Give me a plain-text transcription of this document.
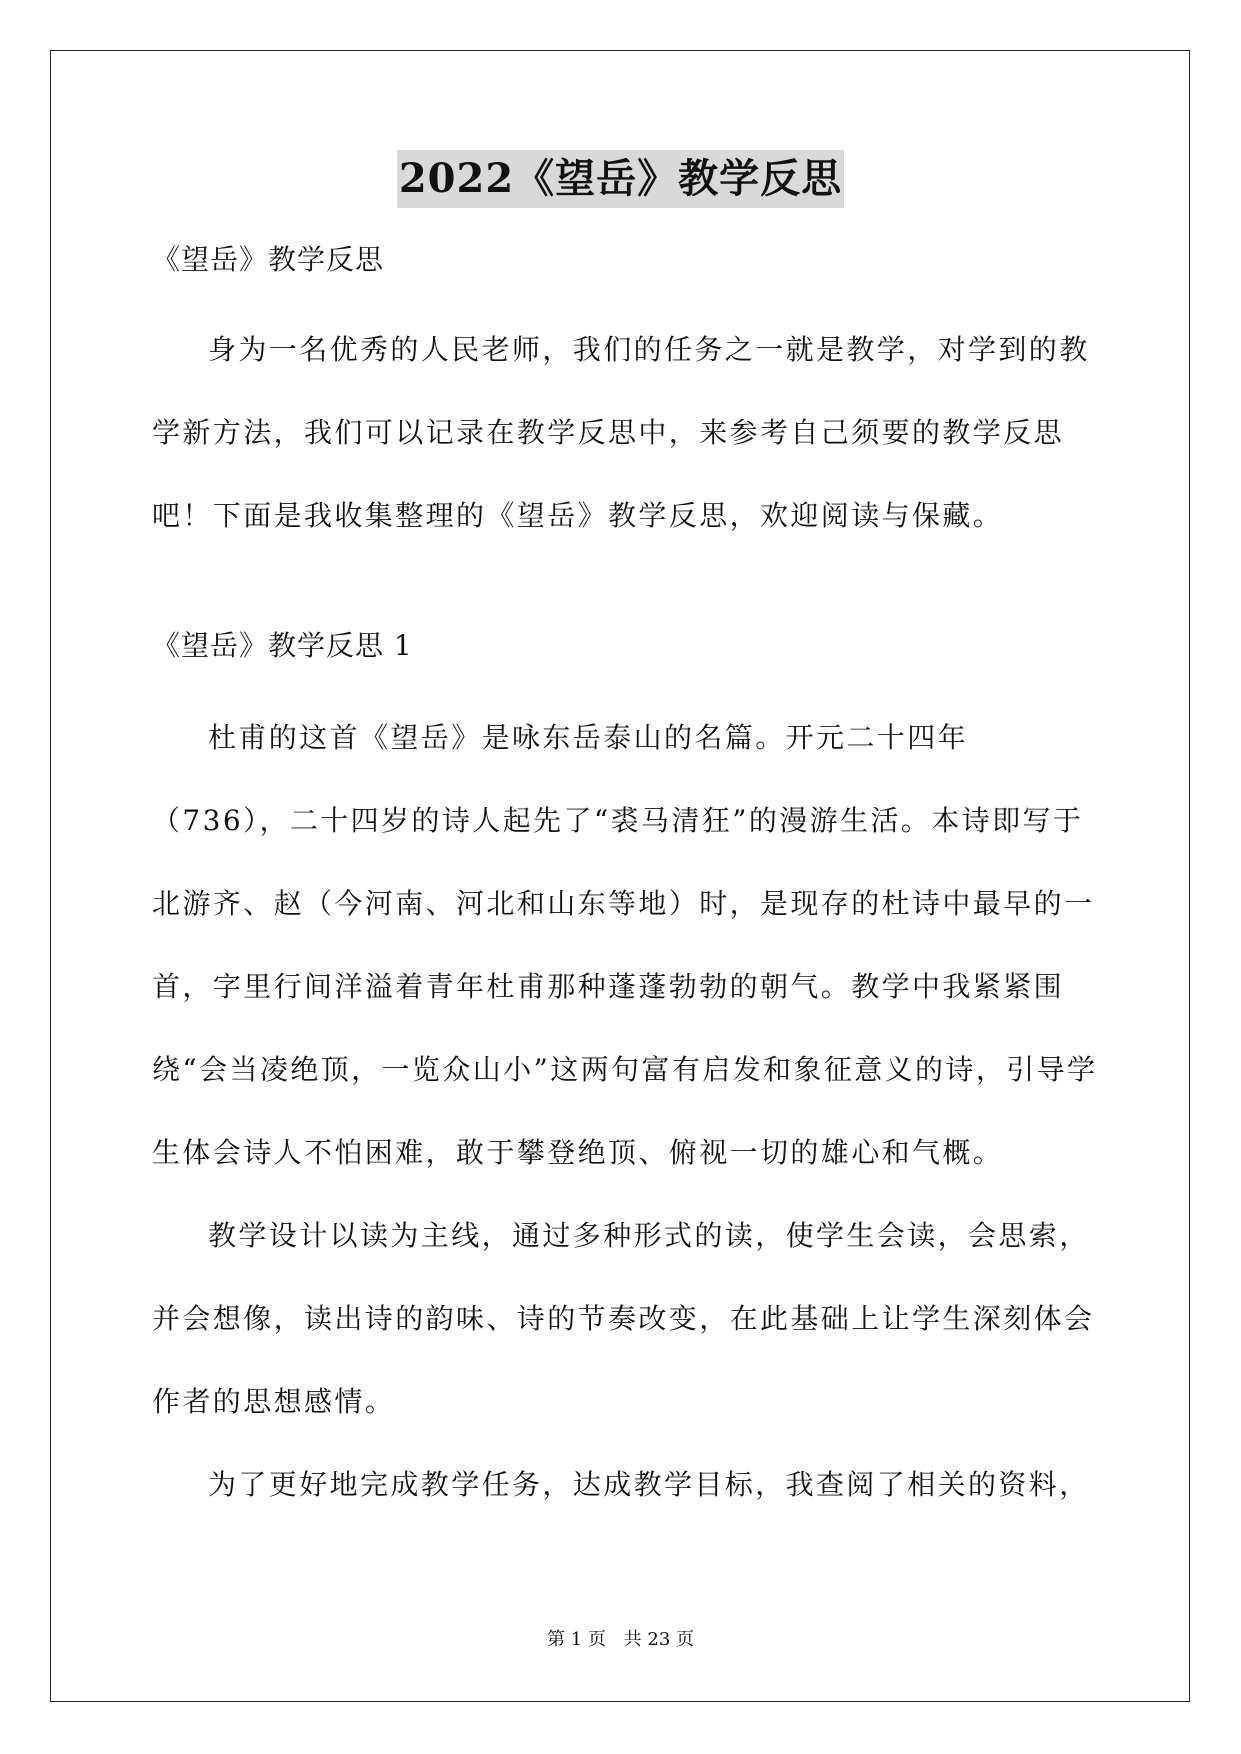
2022《望岳》教学反思

《望岳》教学反思

身为一名优秀的人民老师，我们的任务之一就是教学，对学到的教学新方法，我们可以记录在教学反思中，来参考自己须要的教学反思吧！下面是我收集整理的《望岳》教学反思，欢迎阅读与保藏。

《望岳》教学反思 1

杜甫的这首《望岳》是咏东岳泰山的名篇。开元二十四年（736），二十四岁的诗人起先了“裘马清狂”的漫游生活。本诗即写于北游齐、赵（今河南、河北和山东等地）时，是现存的杜诗中最早的一首，字里行间洋溢着青年杜甫那种蓬蓬勃勃的朝气。教学中我紧紧围绕“会当凌绝顶，一览众山小”这两句富有启发和象征意义的诗，引导学生体会诗人不怕困难，敢于攀登绝顶、俯视一切的雄心和气概。

教学设计以读为主线，通过多种形式的读，使学生会读，会思索，并会想像，读出诗的韵味、诗的节奏改变，在此基础上让学生深刻体会作者的思想感情。

为了更好地完成教学任务，达成教学目标，我查阅了相关的资料，

第 1 页 共 23 页
